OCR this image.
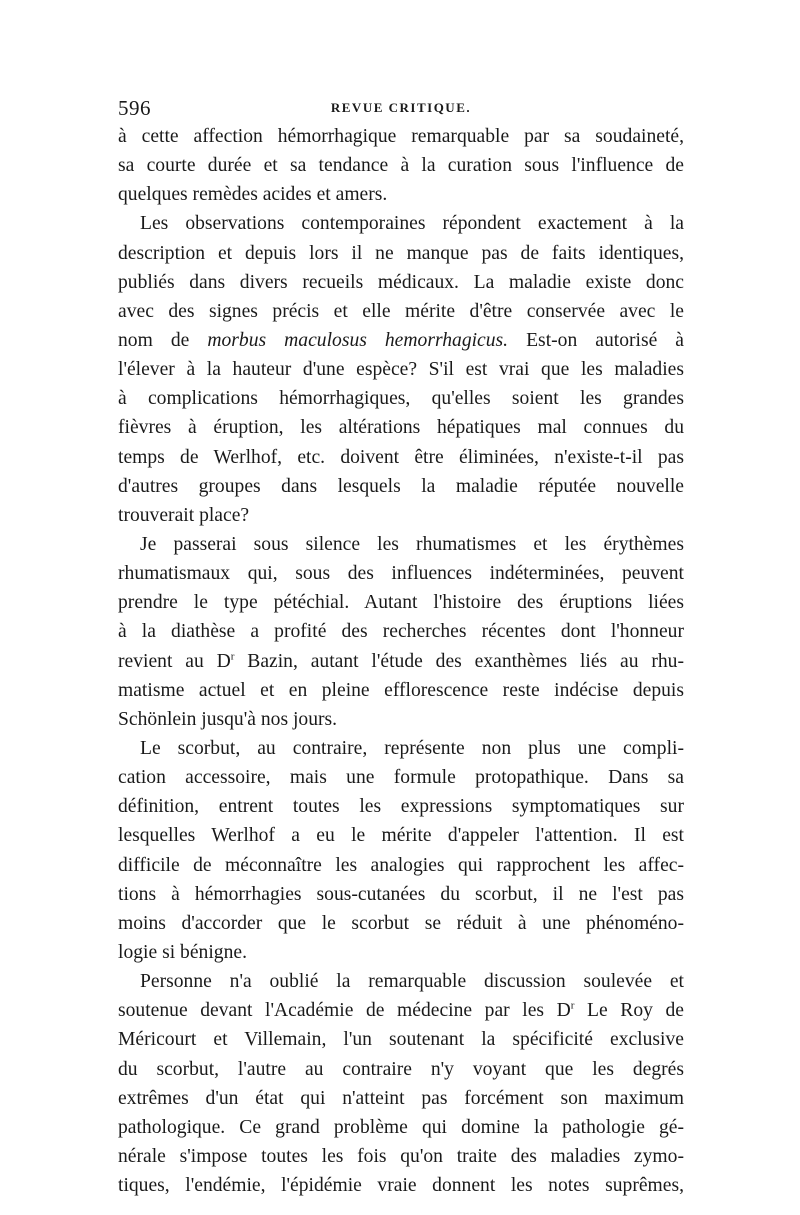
596	REVUE CRITIQUE.
à cette affection hémorrhagique remarquable par sa soudaineté,
sa courte durée et sa tendance à la curation sous l'influence de
quelques remèdes acides et amers.
Les observations contemporaines répondent exactement à la
description et depuis lors il ne manque pas de faits identiques,
publiés dans divers recueils médicaux. La maladie existe donc
avec des signes précis et elle mérite d'être conservée avec le
nom de morbus maculosus hemorrhagicus. Est-on autorisé à
l'élever à la hauteur d'une espèce? S'il est vrai que les maladies
à complications hémorrhagiques, qu'elles soient les grandes
fièvres à éruption, les altérations hépatiques mal connues du
temps de Werlhof, etc. doivent être éliminées, n'existe-t-il pas
d'autres groupes dans lesquels la maladie réputée nouvelle
trouverait place?
Je passerai sous silence les rhumatismes et les érythèmes
rhumatismaux qui, sous des influences indéterminées, peuvent
prendre le type pétéchial. Autant l'histoire des éruptions liées
à la diathèse a profité des recherches récentes dont l'honneur
revient au $D^r$ Bazin, autant l'étude des exanthèmes liés au rhu-
matisme actuel et en pleine efflorescence reste indécise depuis
Schönlein jusqu'à nos jours.
Le scorbut, au contraire, représente non plus une compli-
cation accessoire, mais une formule protopathique. Dans sa
définition, entrent toutes les expressions symptomatiques sur
lesquelles Werlhof a eu le mérite d'appeler l'attention. Il est
difficile de méconnaître les analogies qui rapprochent les affec-
tions à hémorrhagies sous-cutanées du scorbut, il ne l'est pas
moins d'accorder que le scorbut se réduit à une phénoméno-
logie si bénigne.
Personne n'a oublié la remarquable discussion soulevée et
soutenue devant l'Académie de médecine par les $D^r$ Le Roy de
Méricourt et Villemain, l'un soutenant la spécificité exclusive
du scorbut, l'autre au contraire n'y voyant que les degrés
extrêmes d'un état qui n'atteint pas forcément son maximum
pathologique. Ce grand problème qui domine la pathologie gé-
nérale s'impose toutes les fois qu'on traite des maladies zymo-
tiques, l'endémie, l'épidémie vraie donnent les notes suprêmes,
